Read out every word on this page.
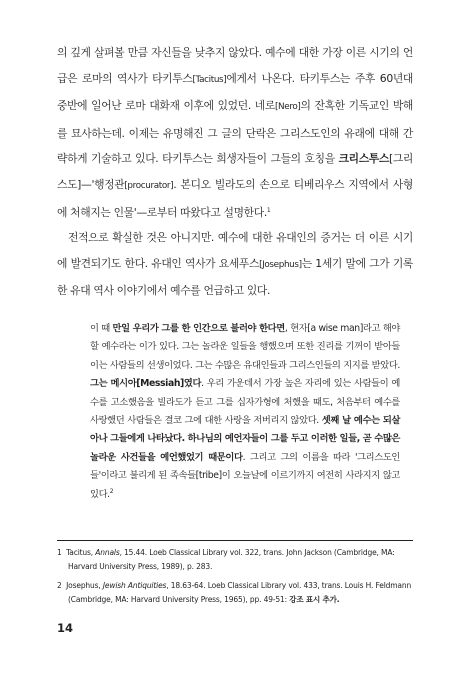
의 깊게 살펴볼 만큼 자신들을 낮추지 않았다. 예수에 대한 가장 이른 시기의 언급은 로마의 역사가 타키투스[Tacitus]에게서 나온다. 타키투스는 주후 60년대 중반에 일어난 로마 대화재 이후에 있었던. 네로[Nero]의 잔혹한 기독교인 박해를 묘사하는데. 이제는 유명해진 그 글의 단락은 그리스도인의 유래에 대해 간략하게 기술하고 있다. 타키투스는 희생자들이 그들의 호칭을 크리스투스[그리스도]—'행정관[procurator]. 본디오 빌라도의 손으로 티베리우스 지역에서 사형에 처해지는 인물'—로부터 따왔다고 설명한다.$^1$

전적으로 확실한 것은 아니지만. 예수에 대한 유대인의 증거는 더 이른 시기에 발견되기도 한다. 유대인 역사가 요세푸스[Josephus]는 1세기 말에 그가 기록한 유대 역사 이야기에서 예수를 언급하고 있다.

이 때 만일 우리가 그를 한 인간으로 불러야 한다면, 현자[a wise man]라고 해야 할 예수라는 이가 있다. 그는 놀라운 일들을 행했으며 또한 진리를 기꺼이 받아들이는 사람들의 선생이었다. 그는 수많은 유대인들과 그리스인들의 지지를 받았다. 그는 메시아[Messiah]였다. 우리 가운데서 가장 높은 자리에 있는 사람들이 예수를 고소했음을 빌라도가 듣고 그를 십자가형에 처했을 때도, 처음부터 예수를 사랑했던 사람들은 결코 그에 대한 사랑을 저버리지 않았다. 셋째 날 예수는 되살아나 그들에게 나타났다. 하나님의 예언자들이 그를 두고 이러한 일들, 곧 수많은 놀라운 사건들을 예언했었기 때문이다. 그리고 그의 이름을 따라 '그리스도인들'이라고 불리게 된 족속들[tribe]이 오늘날에 이르기까지 여전히 사라지지 않고 있다.$^2$

1 Tacitus, Annals, 15.44. Loeb Classical Library vol. 322, trans. John Jackson (Cambridge, MA: Harvard University Press, 1989), p. 283.

2 Josephus, Jewish Antiquities, 18.63-64. Loeb Classical Library vol. 433, trans. Louis H. Feldmann (Cambridge, MA: Harvard University Press, 1965), pp. 49-51: 강조 표시 추가.

14
